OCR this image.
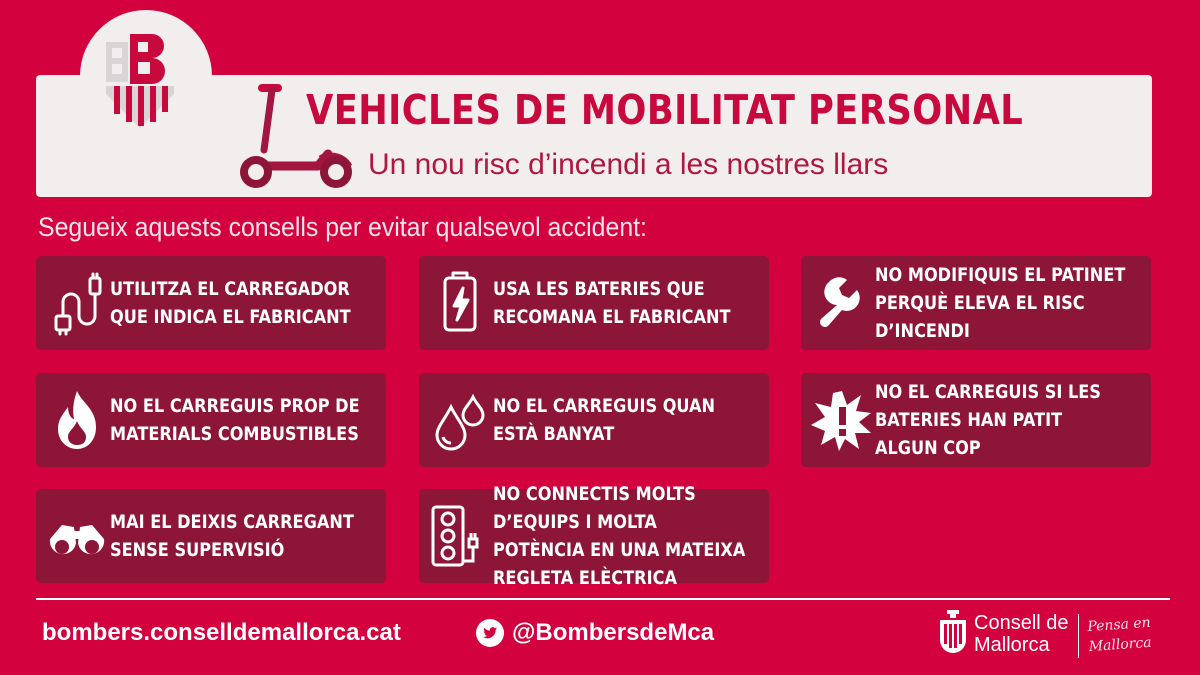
VEHICLES DE MOBILITAT PERSONAL
Un nou risc d’incendi a les nostres llars
Segueix aquests consells per evitar qualsevol accident:
UTILITZA EL CARREGADOR QUE INDICA EL FABRICANT
USA LES BATERIES QUE RECOMANA EL FABRICANT
NO MODIFIQUIS EL PATINET PERQUÈ ELEVA EL RISC D’INCENDI
NO EL CARREGUIS PROP DE MATERIALS COMBUSTIBLES
NO EL CARREGUIS QUAN ESTÀ BANYAT
NO EL CARREGUIS SI LES BATERIES HAN PATIT ALGUN COP
MAI EL DEIXIS CARREGANT SENSE SUPERVISIÓ
NO CONNECTIS MOLTS D’EQUIPS I MOLTA POTÈNCIA EN UNA MATEIXA REGLETA ELÈCTRICA
bombers.conselldemallorca.cat	@BombersdeMca	Consell de
Mallorca
Pensa en
Mallorca
